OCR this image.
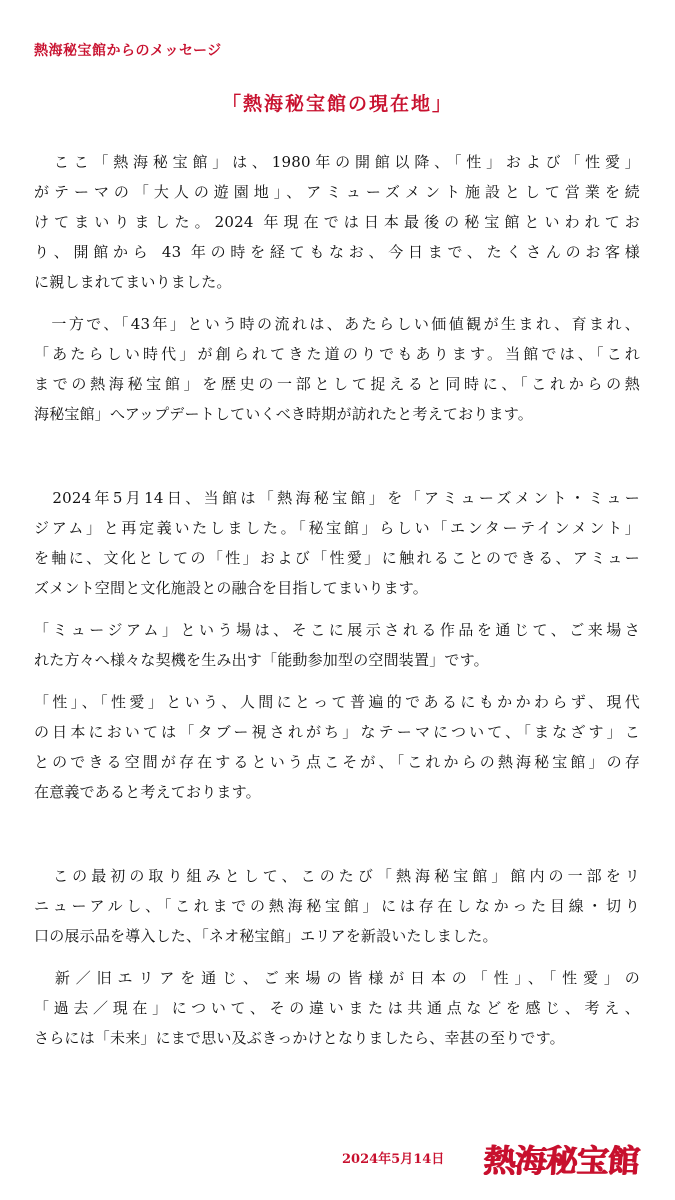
熱海秘宝館からのメッセージ
「熱海秘宝館の現在地」
　ここ「熱海秘宝館」は、1980年の開館以降、「性」および「性愛」
がテーマの「大人の遊園地」、アミューズメント施設として営業を続
けてまいりました。2024 年現在では日本最後の秘宝館といわれてお
り、開館から 43 年の時を経てもなお、今日まで、たくさんのお客様
に親しまれてまいりました。
　一方で、「43年」という時の流れは、あたらしい価値観が生まれ、育まれ、
「あたらしい時代」が創られてきた道のりでもあります。当館では、「これ
までの熱海秘宝館」を歴史の一部として捉えると同時に、「これからの熱
海秘宝館」へアップデートしていくべき時期が訪れたと考えております。
　2024年5月14日、当館は「熱海秘宝館」を「アミューズメント・ミュー
ジアム」と再定義いたしました。「秘宝館」らしい「エンターテインメント」
を軸に、文化としての「性」および「性愛」に触れることのできる、アミュー
ズメント空間と文化施設との融合を目指してまいります。
「ミュージアム」という場は、そこに展示される作品を通じて、ご来場さ
れた方々へ様々な契機を生み出す「能動参加型の空間装置」です。
「性」、「性愛」という、人間にとって普遍的であるにもかかわらず、現代
の日本においては「タブー視されがち」なテーマについて、「まなざす」こ
とのできる空間が存在するという点こそが、「これからの熱海秘宝館」の存
在意義であると考えております。
　この最初の取り組みとして、このたび「熱海秘宝館」館内の一部をリ
ニューアルし、「これまでの熱海秘宝館」には存在しなかった目線・切り
口の展示品を導入した、「ネオ秘宝館」エリアを新設いたしました。
　新／旧エリアを通じ、ご来場の皆様が日本の「性」、「性愛」の
「過去／現在」について、その違いまたは共通点などを感じ、考え、
さらには「未来」にまで思い及ぶきっかけとなりましたら、幸甚の至りです。
2024年5月14日 熱海秘宝館
